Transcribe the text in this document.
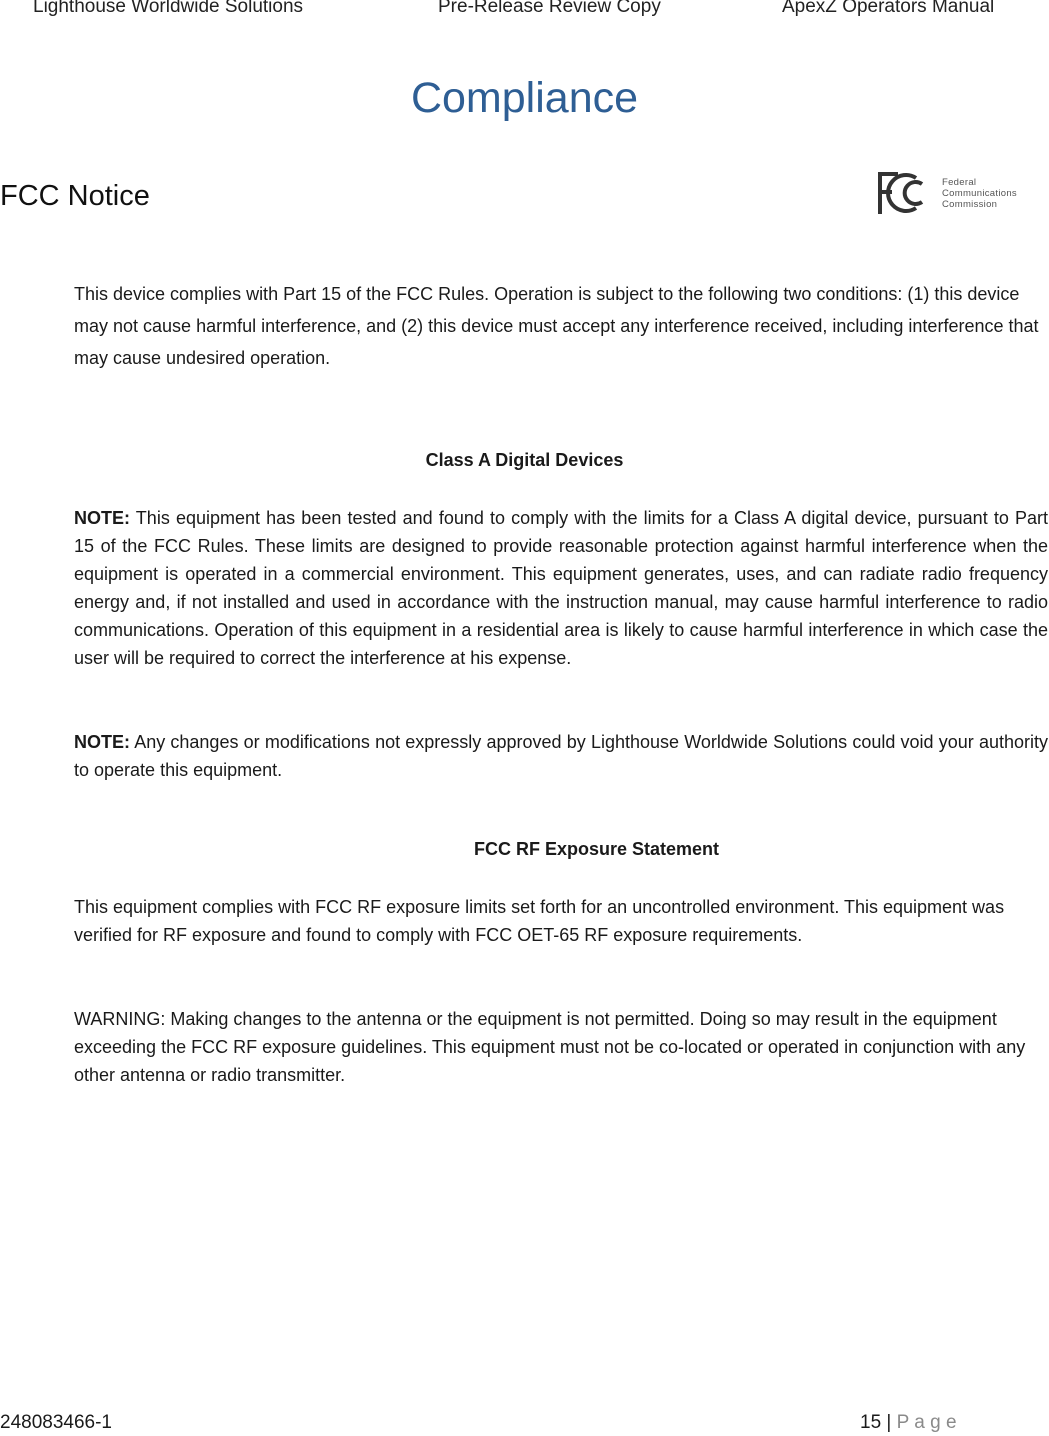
Lighthouse Worldwide Solutions	Pre-Release Review Copy	ApexZ Operators Manual
Compliance
FCC Notice	Federal
Communications
Commission
This device complies with Part 15 of the FCC Rules. Operation is subject to the following two conditions: (1) this device may not cause harmful interference, and (2) this device must accept any interference received, including interference that may cause undesired operation.
Class A Digital Devices
NOTE: This equipment has been tested and found to comply with the limits for a Class A digital device, pursuant to Part 15 of the FCC Rules. These limits are designed to provide reasonable protection against harmful interference when the equipment is operated in a commercial environment. This equipment generates, uses, and can radiate radio frequency energy and, if not installed and used in accordance with the instruction manual, may cause harmful interference to radio communications. Operation of this equipment in a residential area is likely to cause harmful interference in which case the user will be required to correct the interference at his expense.
NOTE: Any changes or modifications not expressly approved by Lighthouse Worldwide Solutions could void your authority to operate this equipment.
FCC RF Exposure Statement
This equipment complies with FCC RF exposure limits set forth for an uncontrolled environment. This equipment was verified for RF exposure and found to comply with FCC OET-65 RF exposure requirements.
WARNING: Making changes to the antenna or the equipment is not permitted. Doing so may result in the equipment exceeding the FCC RF exposure guidelines. This equipment must not be co-located or operated in conjunction with any other antenna or radio transmitter.
248083466-1	15 | P a g e
